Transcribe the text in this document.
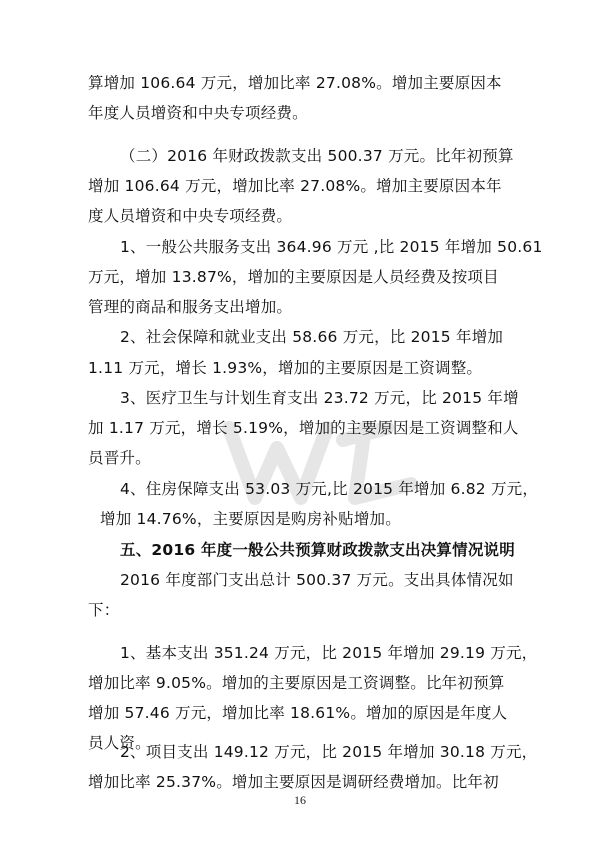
算增加 106.64 万元，增加比率 27.08%。增加主要原因本
年度人员增资和中央专项经费。
（二）2016 年财政拨款支出 500.37 万元。比年初预算
增加 106.64 万元，增加比率 27.08%。增加主要原因本年
度人员增资和中央专项经费。
1、一般公共服务支出 364.96 万元 ,比 2015 年增加 50.61
万元，增加 13.87%，增加的主要原因是人员经费及按项目
管理的商品和服务支出增加。
2、社会保障和就业支出 58.66 万元，比 2015 年增加
1.11 万元，增长 1.93%，增加的主要原因是工资调整。
3、医疗卫生与计划生育支出 23.72 万元，比 2015 年增
加 1.17 万元，增长 5.19%，增加的主要原因是工资调整和人
员晋升。
4、住房保障支出 53.03 万元,比 2015 年增加 6.82 万元，
增加 14.76%，主要原因是购房补贴增加。
五、2016 年度一般公共预算财政拨款支出决算情况说明
2016 年度部门支出总计 500.37 万元。支出具体情况如
下：
1、基本支出 351.24 万元，比 2015 年增加 29.19 万元，
增加比率 9.05%。增加的主要原因是工资调整。比年初预算
增加 57.46 万元，增加比率 18.61%。增加的原因是年度人
员人资。
2、项目支出 149.12 万元，比 2015 年增加 30.18 万元，
16
增加比率 25.37%。增加主要原因是调研经费增加。比年初
